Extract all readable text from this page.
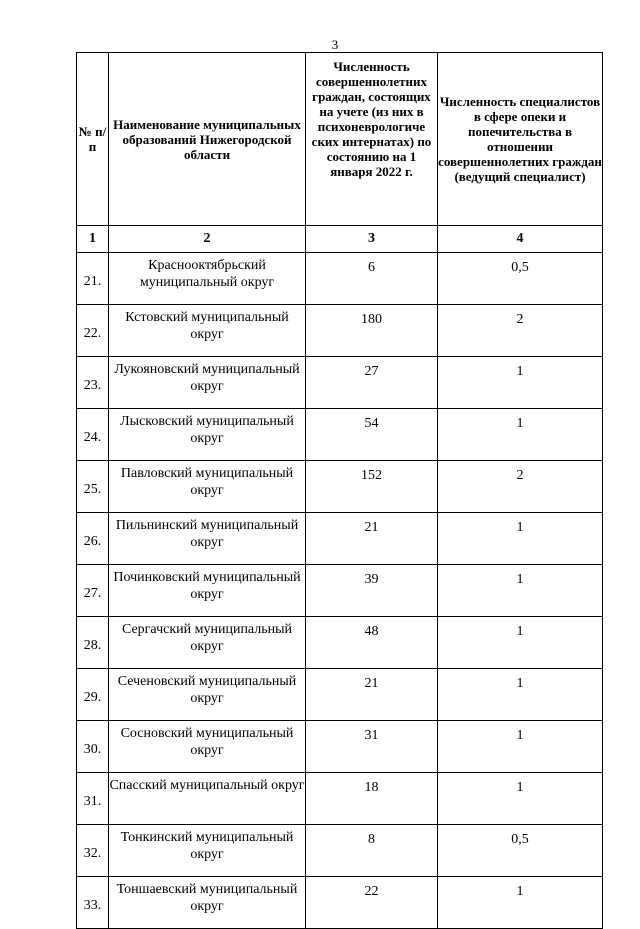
3
№ п/п	Наименование муниципальных образований Нижегородской области	Численность совершеннолетних граждан, состоящих на учете (из них в психоневрологиче ских интернатах) по состоянию на 1 января 2022 г.	Численность специалистов в сфере опеки и попечительства в отношении совершеннолетних граждан (ведущий специалист)
1	2	3	4
21.	Краснооктябрьский муниципальный округ	6	0,5
22.	Кстовский муниципальный округ	180	2
23.	Лукояновский муниципальный округ	27	1
24.	Лысковский муниципальный округ	54	1
25.	Павловский муниципальный округ	152	2
26.	Пильнинский муниципальный округ	21	1
27.	Починковский муниципальный округ	39	1
28.	Сергачский муниципальный округ	48	1
29.	Сеченовский муниципальный округ	21	1
30.	Сосновский муниципальный округ	31	1
31.	Спасский муниципальный округ	18	1
32.	Тонкинский муниципальный округ	8	0,5
33.	Тоншаевский муниципальный округ	22	1
